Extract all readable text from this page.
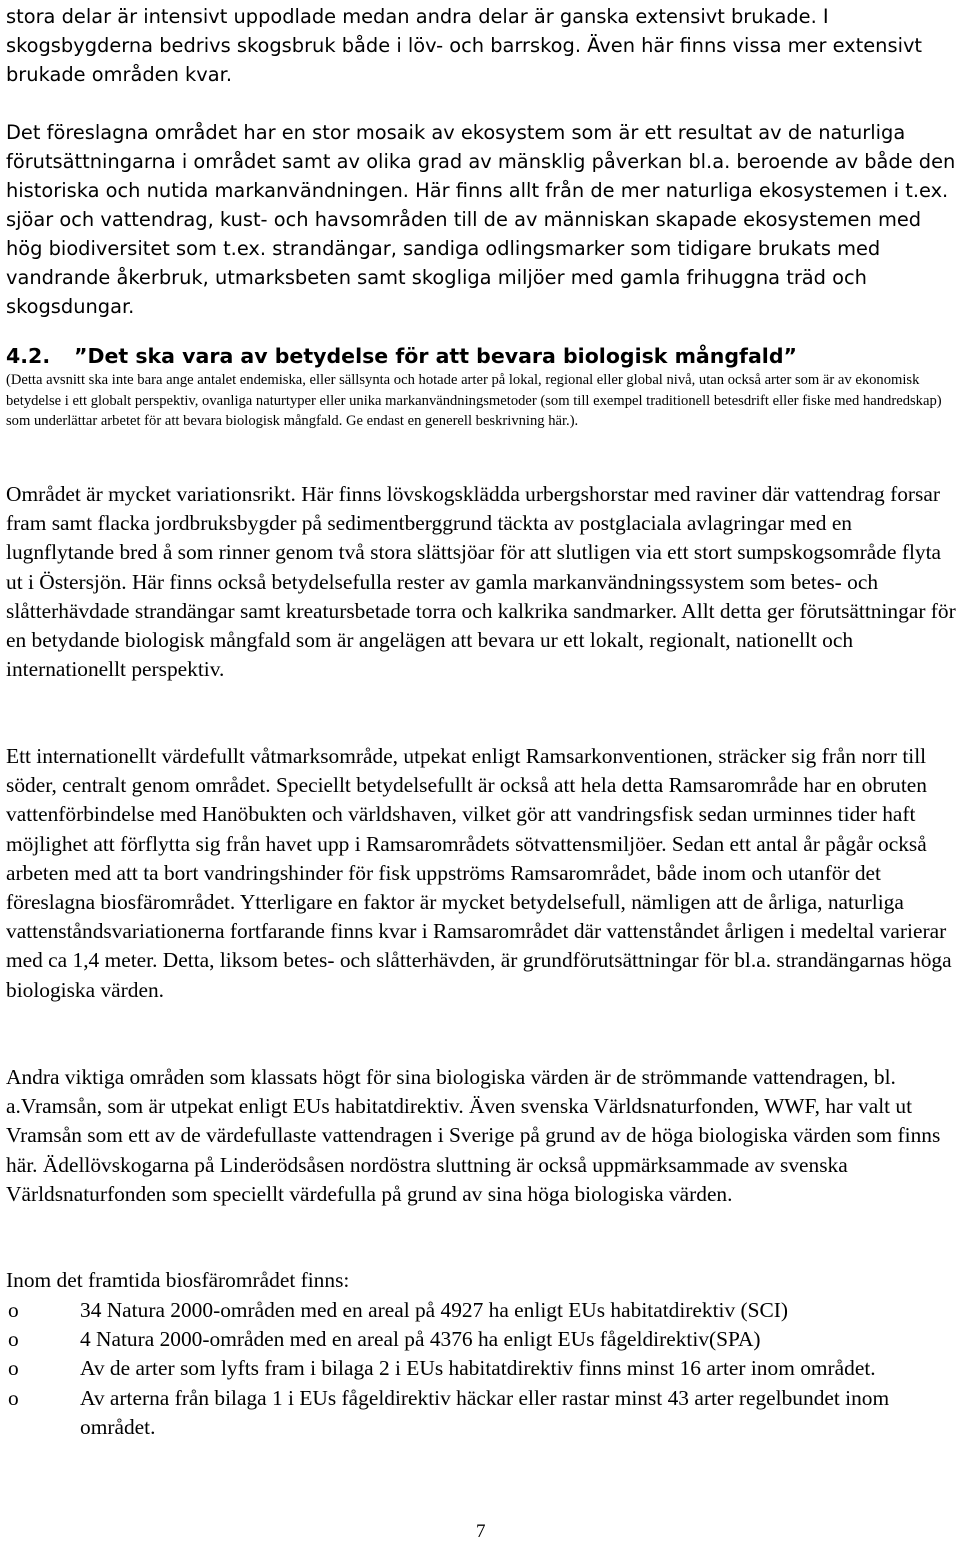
stora delar är intensivt uppodlade medan andra delar är ganska extensivt brukade. I skogsbygderna bedrivs skogsbruk både i löv- och barrskog. Även här finns vissa mer extensivt brukade områden kvar.

Det föreslagna området har en stor mosaik av ekosystem som är ett resultat av de naturliga förutsättningarna i området samt av olika grad av mänsklig påverkan bl.a. beroende av både den historiska och nutida markanvändningen. Här finns allt från de mer naturliga ekosystemen i t.ex. sjöar och vattendrag, kust- och havsområden till de av människan skapade ekosystemen med hög biodiversitet som t.ex. strandängar, sandiga odlingsmarker som tidigare brukats med vandrande åkerbruk, utmarksbeten samt skogliga miljöer med gamla frihuggna träd och skogsdungar.

4.2. ”Det ska vara av betydelse för att bevara biologisk mångfald”

(Detta avsnitt ska inte bara ange antalet endemiska, eller sällsynta och hotade arter på lokal, regional eller global nivå, utan också arter som är av ekonomisk betydelse i ett globalt perspektiv, ovanliga naturtyper eller unika markanvändningsmetoder (som till exempel traditionell betesdrift eller fiske med handredskap) som underlättar arbetet för att bevara biologisk mångfald. Ge endast en generell beskrivning här.).

Området är mycket variationsrikt. Här finns lövskogsklädda urbergshorstar med raviner där vattendrag forsar fram samt flacka jordbruksbygder på sedimentberggrund täckta av postglaciala avlagringar med en lugnflytande bred å som rinner genom två stora slättsjöar för att slutligen via ett stort sumpskogsområde flyta ut i Östersjön. Här finns också betydelsefulla rester av gamla markanvändningssystem som betes- och slåtterhävdade strandängar samt kreatursbetade torra och kalkrika sandmarker. Allt detta ger förutsättningar för en betydande biologisk mångfald som är angelägen att bevara ur ett lokalt, regionalt, nationellt och internationellt perspektiv.

Ett internationellt värdefullt våtmarksområde, utpekat enligt Ramsarkonventionen, sträcker sig från norr till söder, centralt genom området. Speciellt betydelsefullt är också att hela detta Ramsarområde har en obruten vattenförbindelse med Hanöbukten och världshaven, vilket gör att vandringsfisk sedan urminnes tider haft möjlighet att förflytta sig från havet upp i Ramsarområdets sötvattensmiljöer. Sedan ett antal år pågår också arbeten med att ta bort vandringshinder för fisk uppströms Ramsarområdet, både inom och utanför det föreslagna biosfärområdet. Ytterligare en faktor är mycket betydelsefull, nämligen att de årliga, naturliga vattenståndsvariationerna fortfarande finns kvar i Ramsarområdet där vattenståndet årligen i medeltal varierar med ca 1,4 meter. Detta, liksom betes- och slåtterhävden, är grundförutsättningar för bl.a. strandängarnas höga biologiska värden.

Andra viktiga områden som klassats högt för sina biologiska värden är de strömmande vattendragen, bl. a.Vramsån, som är utpekat enligt EUs habitatdirektiv. Även svenska Världsnaturfonden, WWF, har valt ut Vramsån som ett av de värdefullaste vattendragen i Sverige på grund av de höga biologiska värden som finns här. Ädellövskogarna på Linderödsåsen nordöstra sluttning är också uppmärksammade av svenska Världsnaturfonden som speciellt värdefulla på grund av sina höga biologiska värden.

Inom det framtida biosfärområdet finns:

o	34 Natura 2000-områden med en areal på 4927 ha enligt EUs habitatdirektiv (SCI)
o	4 Natura 2000-områden med en areal på 4376 ha enligt EUs fågeldirektiv(SPA)
o	Av de arter som lyfts fram i bilaga 2 i EUs habitatdirektiv finns minst 16 arter inom området.
o	Av arterna från bilaga 1 i EUs fågeldirektiv häckar eller rastar minst 43 arter regelbundet inom området.
7
